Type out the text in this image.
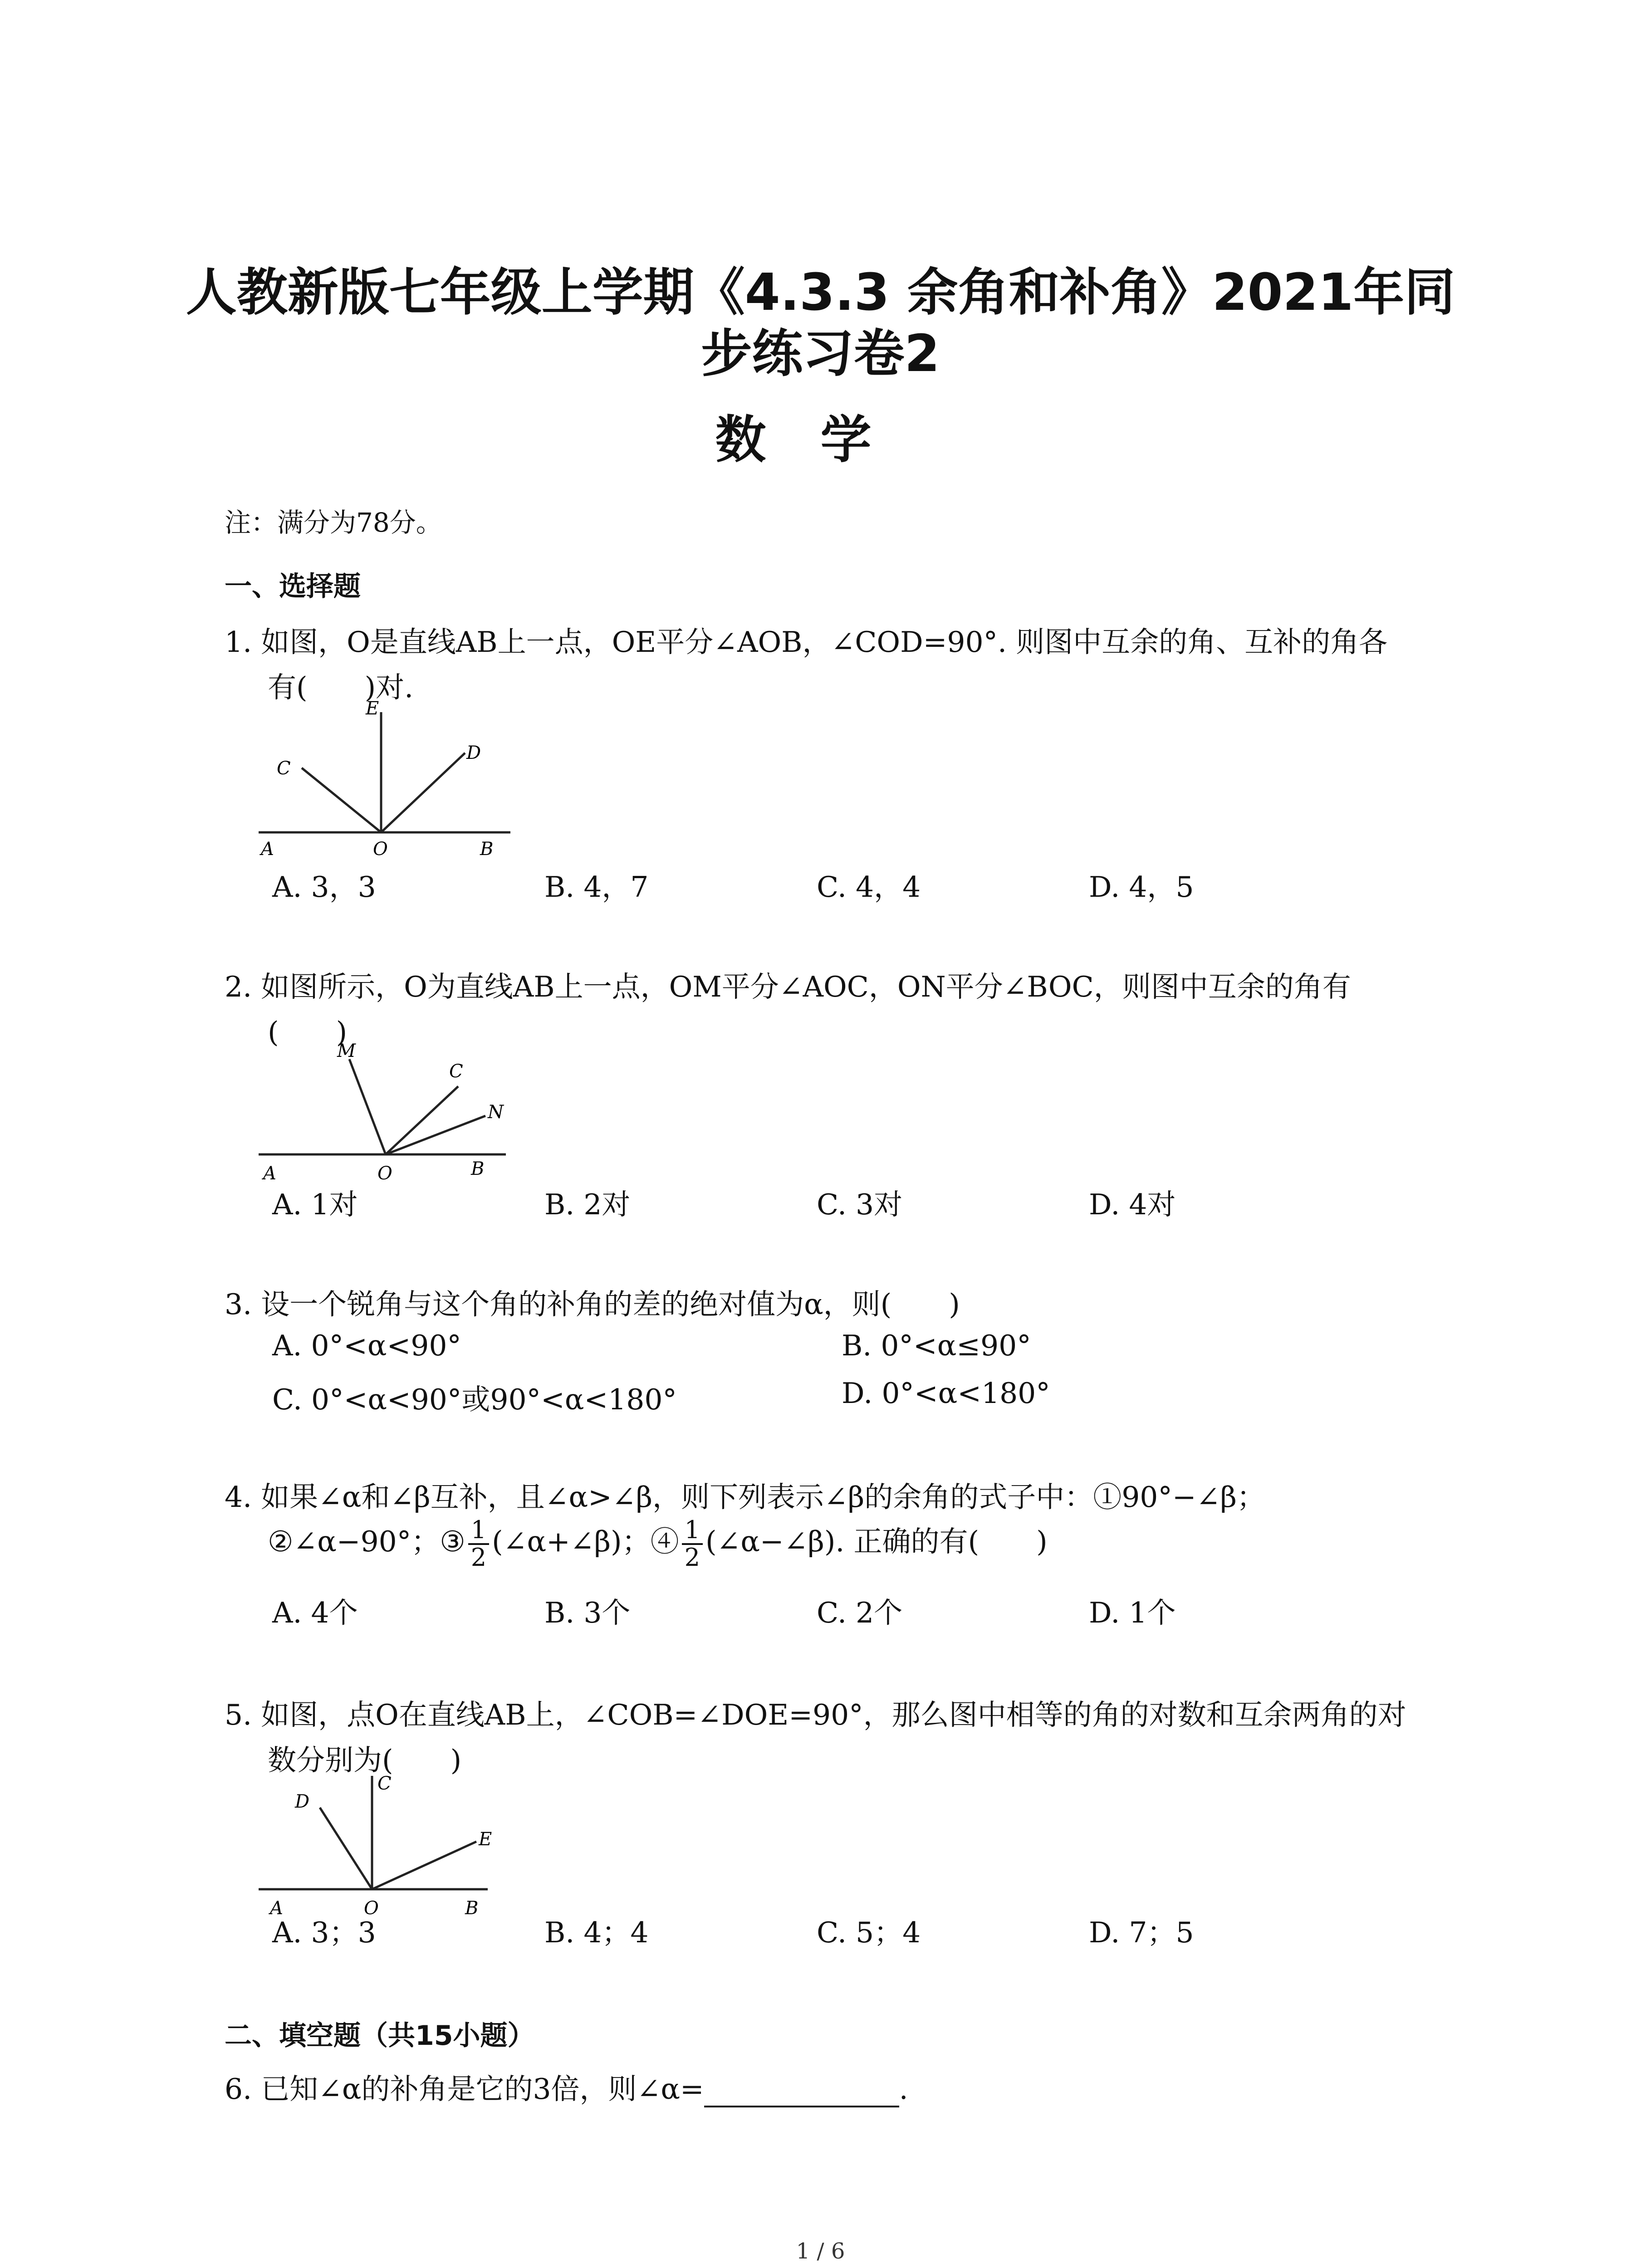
人教新版七年级上学期《4.3.3 余角和补角》2021年同
步练习卷2
数学
注：满分为78分。
一、选择题
1. 如图，O是直线AB上一点，OE平分∠AOB，∠COD=90°. 则图中互余的角、互补的角各
有(　　)对.
A	O	B
C
E
D
A. 3，3	B. 4，7	C. 4，4	D. 4，5
2. 如图所示，O为直线AB上一点，OM平分∠AOC，ON平分∠BOC，则图中互余的角有
(　　)
A	O	B
M
C
N
A. 1对	B. 2对	C. 3对	D. 4对
3. 设一个锐角与这个角的补角的差的绝对值为α，则(　　)
A. 0°<α<90°	B. 0°<α≤90°
C. 0°<α<90°或90°<α<180°	D. 0°<α<180°
4. 如果∠α和∠β互补，且∠α>∠β，则下列表示∠β的余角的式子中：①90°−∠β；
②∠α−90°；③ $\frac{1}{2}$ (∠α+∠β)；④ $\frac{1}{2}$ (∠α−∠β). 正确的有(　　)
A. 4个	B. 3个	C. 2个	D. 1个
5. 如图，点O在直线AB上，∠COB=∠DOE=90°，那么图中相等的角的对数和互余两角的对
数分别为(　　)
A	O	B
D
C
E
A. 3；3	B. 4；4	C. 5；4	D. 7；5
二、填空题（共15小题）
6. 已知∠α的补角是它的3倍，则∠α=	.
1 / 6
